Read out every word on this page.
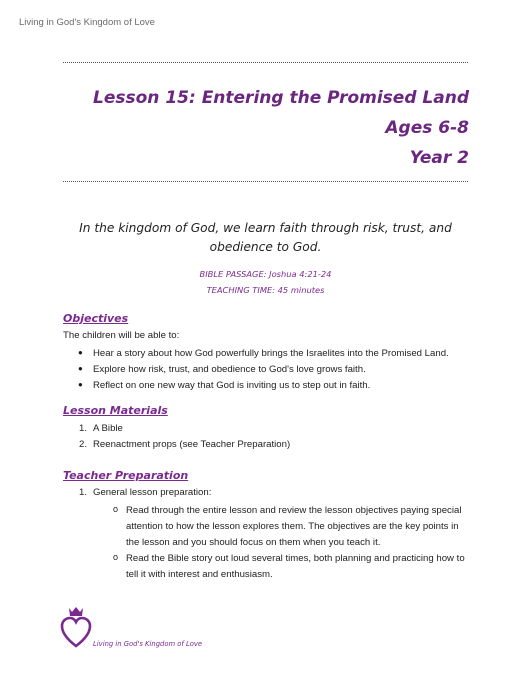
Living in God's Kingdom of Love
Lesson 15: Entering the Promised Land
Ages 6-8
Year 2
In the kingdom of God, we learn faith through risk, trust, and obedience to God.
BIBLE PASSAGE: Joshua 4:21-24
TEACHING TIME: 45 minutes
Objectives
The children will be able to:
● Hear a story about how God powerfully brings the Israelites into the Promised Land.
● Explore how risk, trust, and obedience to God's love grows faith.
● Reflect on one new way that God is inviting us to step out in faith.
Lesson Materials
1. A Bible
2. Reenactment props (see Teacher Preparation)
Teacher Preparation
1. General lesson preparation:
o Read through the entire lesson and review the lesson objectives paying special
attention to how the lesson explores them. The objectives are the key points in
the lesson and you should focus on them when you teach it.
o Read the Bible story out loud several times, both planning and practicing how to
tell it with interest and enthusiasm.
Living in God's Kingdom of Love
